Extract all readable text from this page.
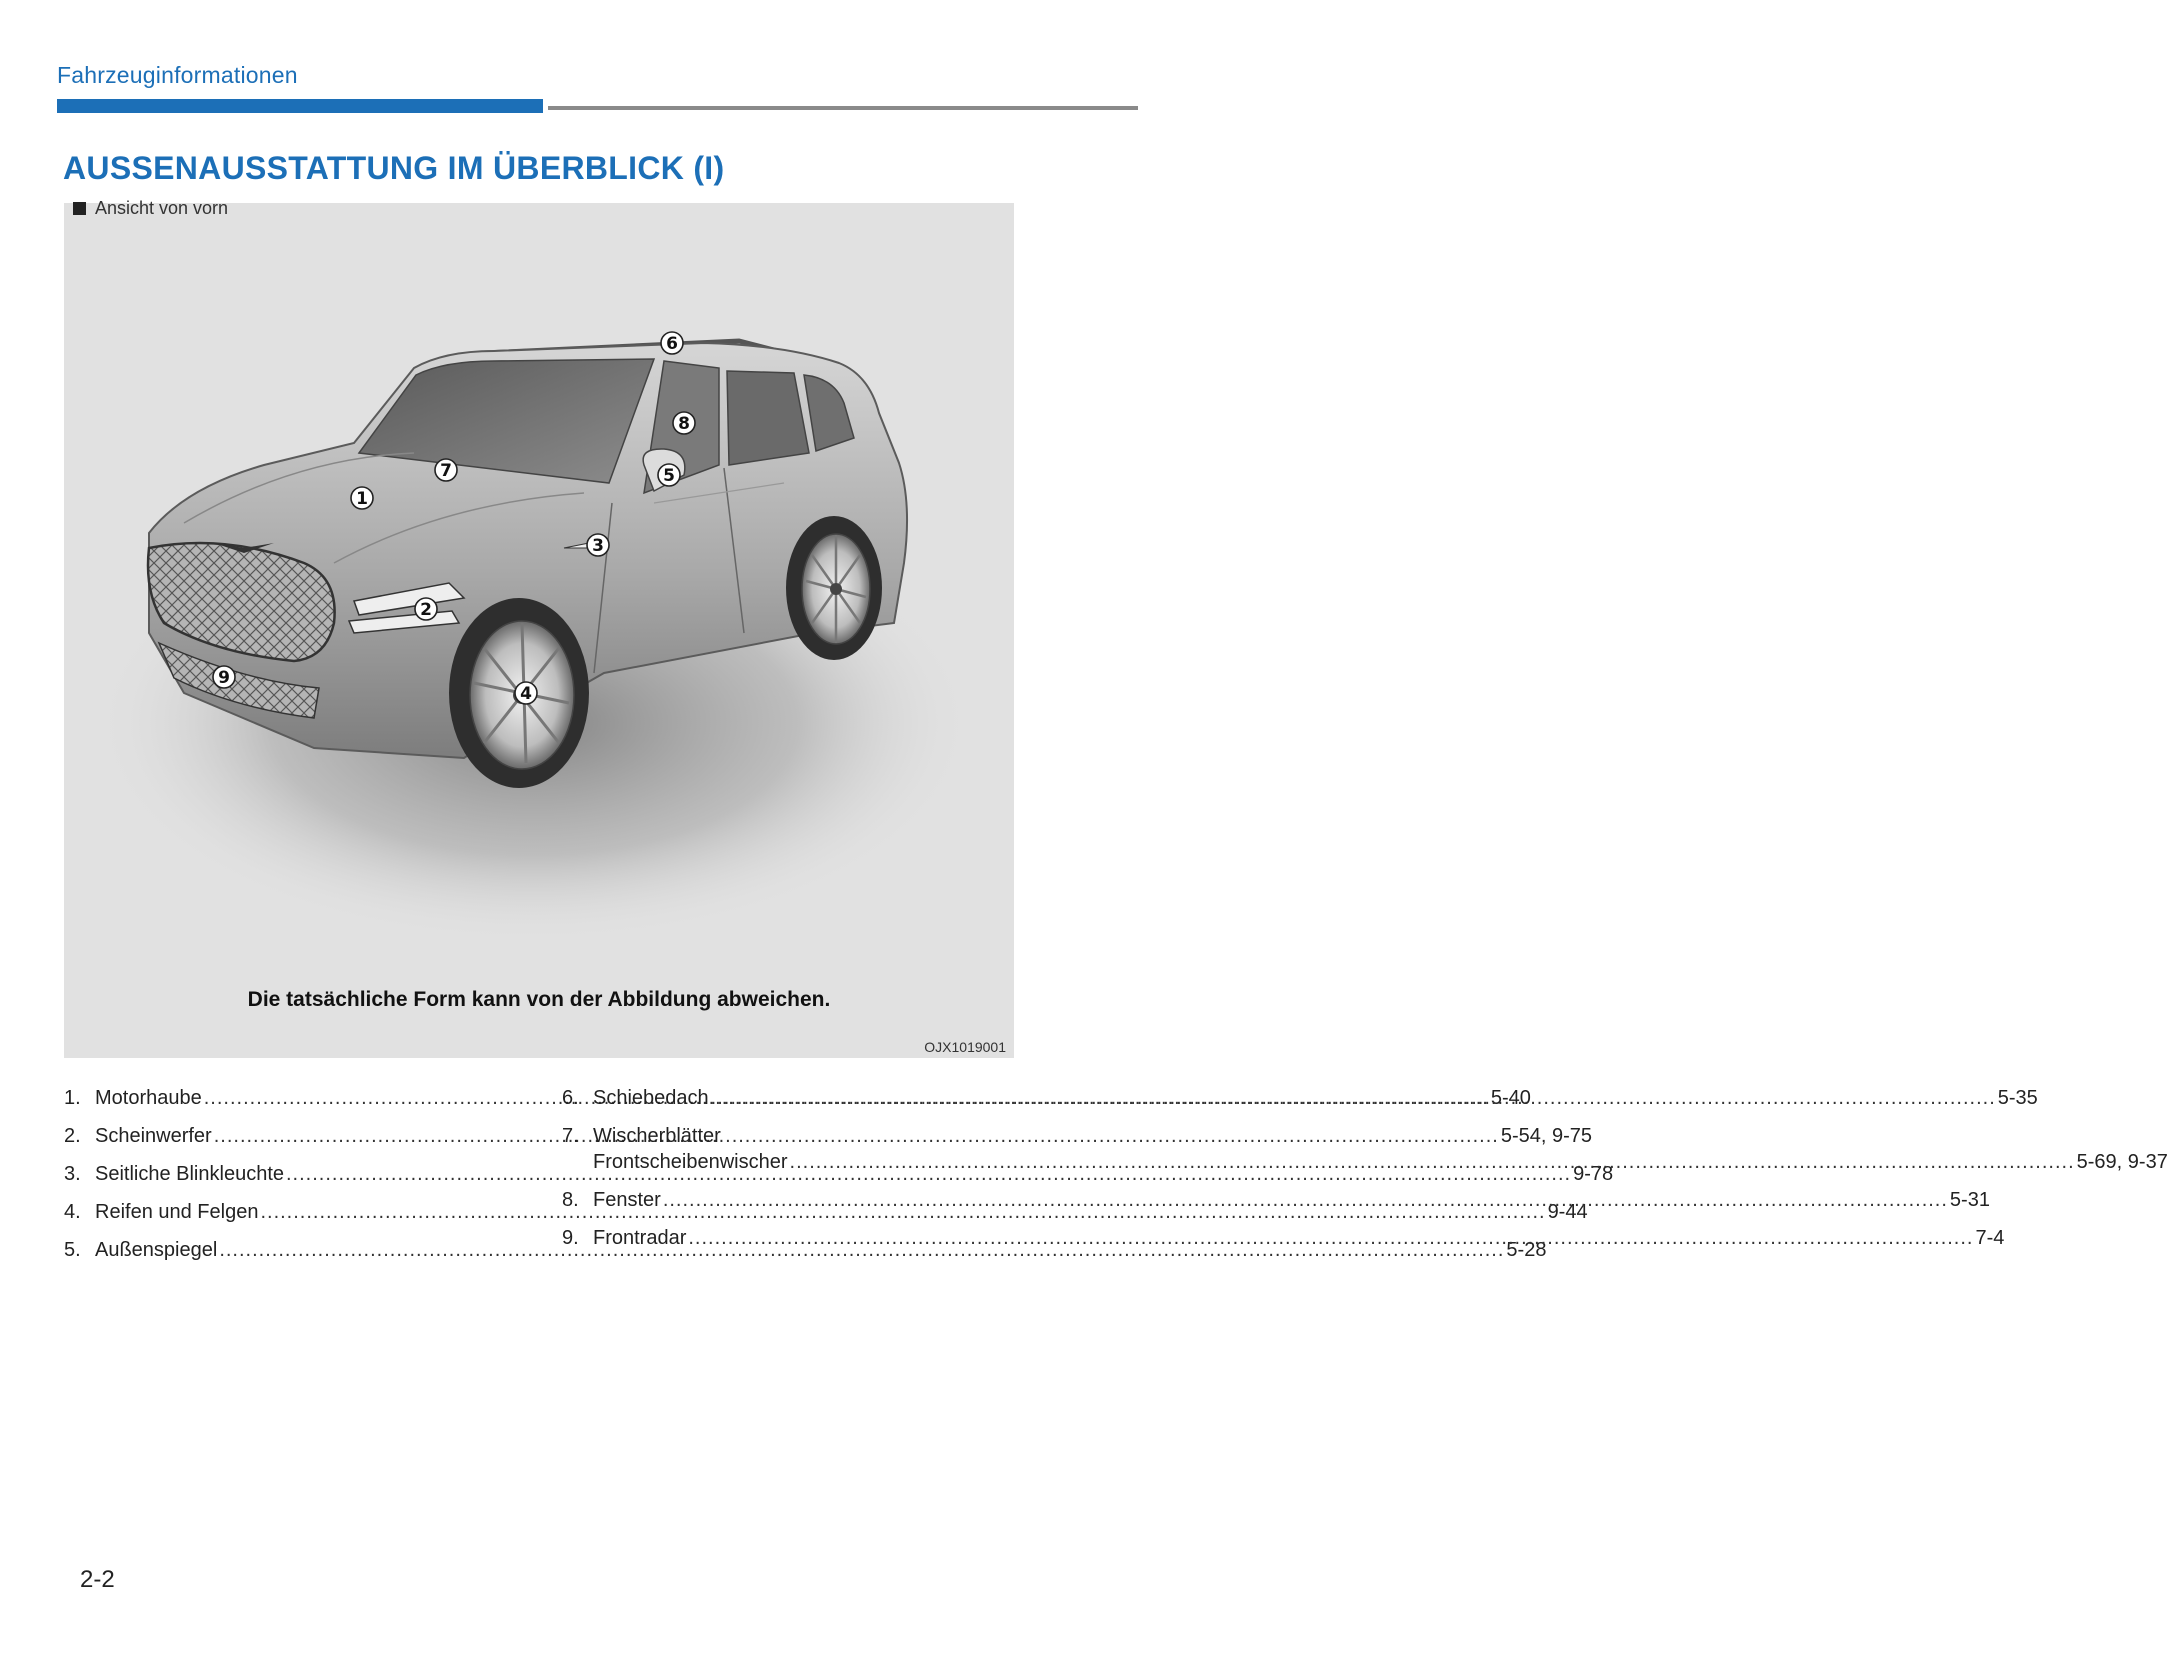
Fahrzeuginformationen
AUSSENAUSSTATTUNG IM ÜBERBLICK (I)
1
2
3
4
5
6
7
8
9
Die tatsächliche Form kann von der Abbildung abweichen.
OJX1019001
Ansicht von vorn
1. Motorhaube .....	5-40
2. Scheinwerfer .....	5-54, 9-75
3. Seitliche Blinkleuchte .....	9-78
4. Reifen und Felgen .....	9-44
5. Außenspiegel .....	5-28
6. Schiebedach .....	5-35
7. Wischerblätter
Frontscheibenwischer .....	5-69, 9-37
8. Fenster .....	5-31
9. Frontradar .....	7-4
2-2
